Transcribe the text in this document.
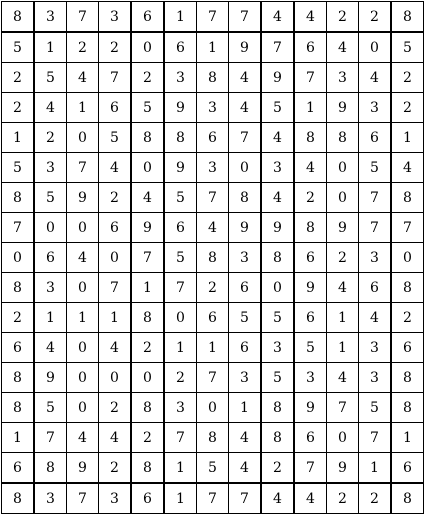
8	3	7	3	6	1	7	7	4	4	2	2	8
5	1	2	2	0	6	1	9	7	6	4	0	5
2	5	4	7	2	3	8	4	9	7	3	4	2
2	4	1	6	5	9	3	4	5	1	9	3	2
1	2	0	5	8	8	6	7	4	8	8	6	1
5	3	7	4	0	9	3	0	3	4	0	5	4
8	5	9	2	4	5	7	8	4	2	0	7	8
7	0	0	6	9	6	4	9	9	8	9	7	7
0	6	4	0	7	5	8	3	8	6	2	3	0
8	3	0	7	1	7	2	6	0	9	4	6	8
2	1	1	1	8	0	6	5	5	6	1	4	2
6	4	0	4	2	1	1	6	3	5	1	3	6
8	9	0	0	0	2	7	3	5	3	4	3	8
8	5	0	2	8	3	0	1	8	9	7	5	8
1	7	4	4	2	7	8	4	8	6	0	7	1
6	8	9	2	8	1	5	4	2	7	9	1	6
8	3	7	3	6	1	7	7	4	4	2	2	8
